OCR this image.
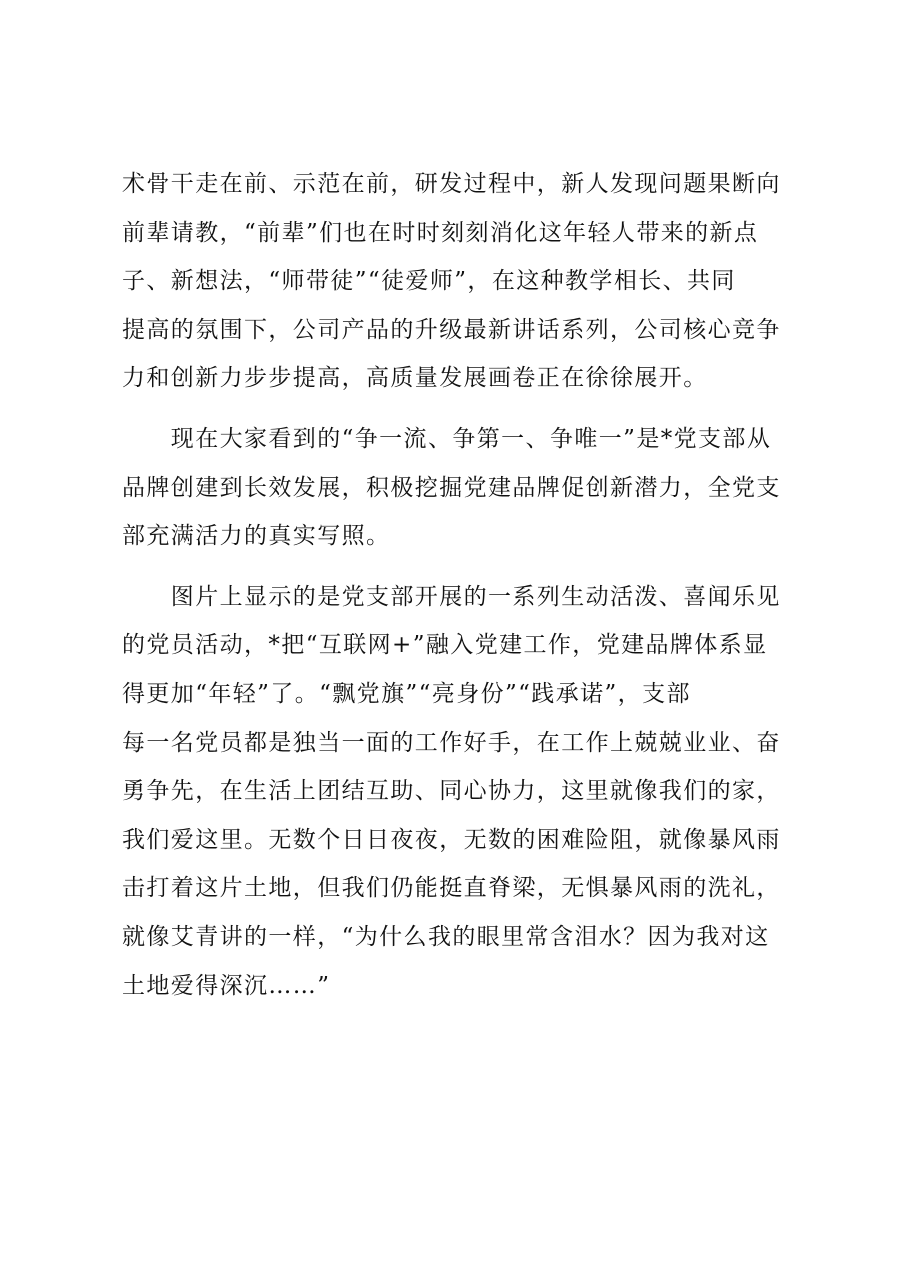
术骨干走在前、示范在前，研发过程中，新人发现问题果断向
前辈请教，“前辈”们也在时时刻刻消化这年轻人带来的新点
子、新想法，“师带徒”“徒爱师”，在这种教学相长、共同
提高的氛围下，公司产品的升级最新讲话系列，公司核心竞争
力和创新力步步提高，高质量发展画卷正在徐徐展开。
　　现在大家看到的“争一流、争第一、争唯一”是*党支部从
品牌创建到长效发展，积极挖掘党建品牌促创新潜力，全党支
部充满活力的真实写照。
　　图片上显示的是党支部开展的一系列生动活泼、喜闻乐见
的党员活动，*把“互联网+”融入党建工作，党建品牌体系显
得更加“年轻”了。“飘党旗”“亮身份”“践承诺”，支部
每一名党员都是独当一面的工作好手，在工作上兢兢业业、奋
勇争先，在生活上团结互助、同心协力，这里就像我们的家，
我们爱这里。无数个日日夜夜，无数的困难险阻，就像暴风雨
击打着这片土地，但我们仍能挺直脊梁，无惧暴风雨的洗礼，
就像艾青讲的一样，“为什么我的眼里常含泪水？因为我对这
土地爱得深沉……”
